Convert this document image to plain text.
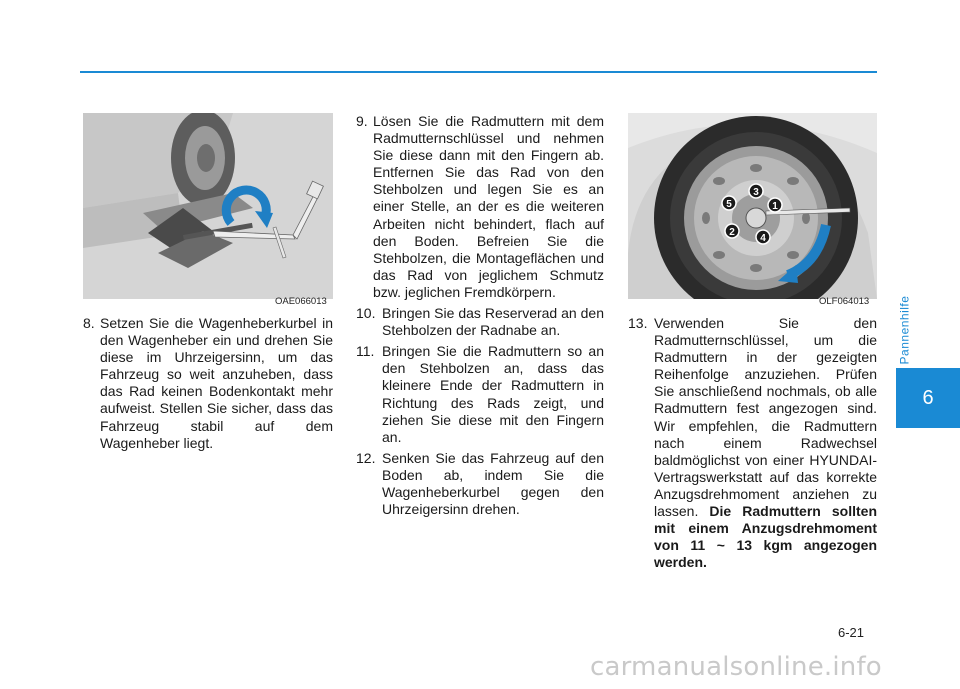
Pannenhilfe
6
OAE066013
1
2
3
4
5
OLF064013

8. Setzen Sie die Wagenheberkurbel in den Wagenheber ein und drehen Sie diese im Uhrzeigersinn, um das Fahrzeug so weit anzuheben, dass das Rad keinen Bodenkontakt mehr aufweist. Stellen Sie sicher, dass das Fahrzeug stabil auf dem Wagenheber liegt.

9. Lösen Sie die Radmuttern mit dem Radmutternschlüssel und nehmen Sie diese dann mit den Fingern ab. Entfernen Sie das Rad von den Stehbolzen und legen Sie es an einer Stelle, an der es die weiteren Arbeiten nicht behindert, flach auf den Boden. Befreien Sie die Stehbolzen, die Montageflächen und das Rad von jeglichem Schmutz bzw. jeglichen Fremdkörpern.

10. Bringen Sie das Reserverad an den Stehbolzen der Radnabe an.

11. Bringen Sie die Radmuttern so an den Stehbolzen an, dass das kleinere Ende der Radmuttern in Richtung des Rads zeigt, und ziehen Sie diese mit den Fingern an.

12. Senken Sie das Fahrzeug auf den Boden ab, indem Sie die Wagenheberkurbel gegen den Uhrzeigersinn drehen.

13. Verwenden Sie den Radmutternschlüssel, um die Radmuttern in der gezeigten Reihenfolge anzuziehen. Prüfen Sie anschließend nochmals, ob alle Radmuttern fest angezogen sind. Wir empfehlen, die Radmuttern nach einem Radwechsel baldmöglichst von einer HYUNDAI-Vertragswerkstatt auf das korrekte Anzugsdrehmoment anziehen zu lassen. Die Radmuttern sollten mit einem Anzugsdrehmoment von 11 ~ 13 kgm angezogen werden.

6-21
carmanualsonline.info
